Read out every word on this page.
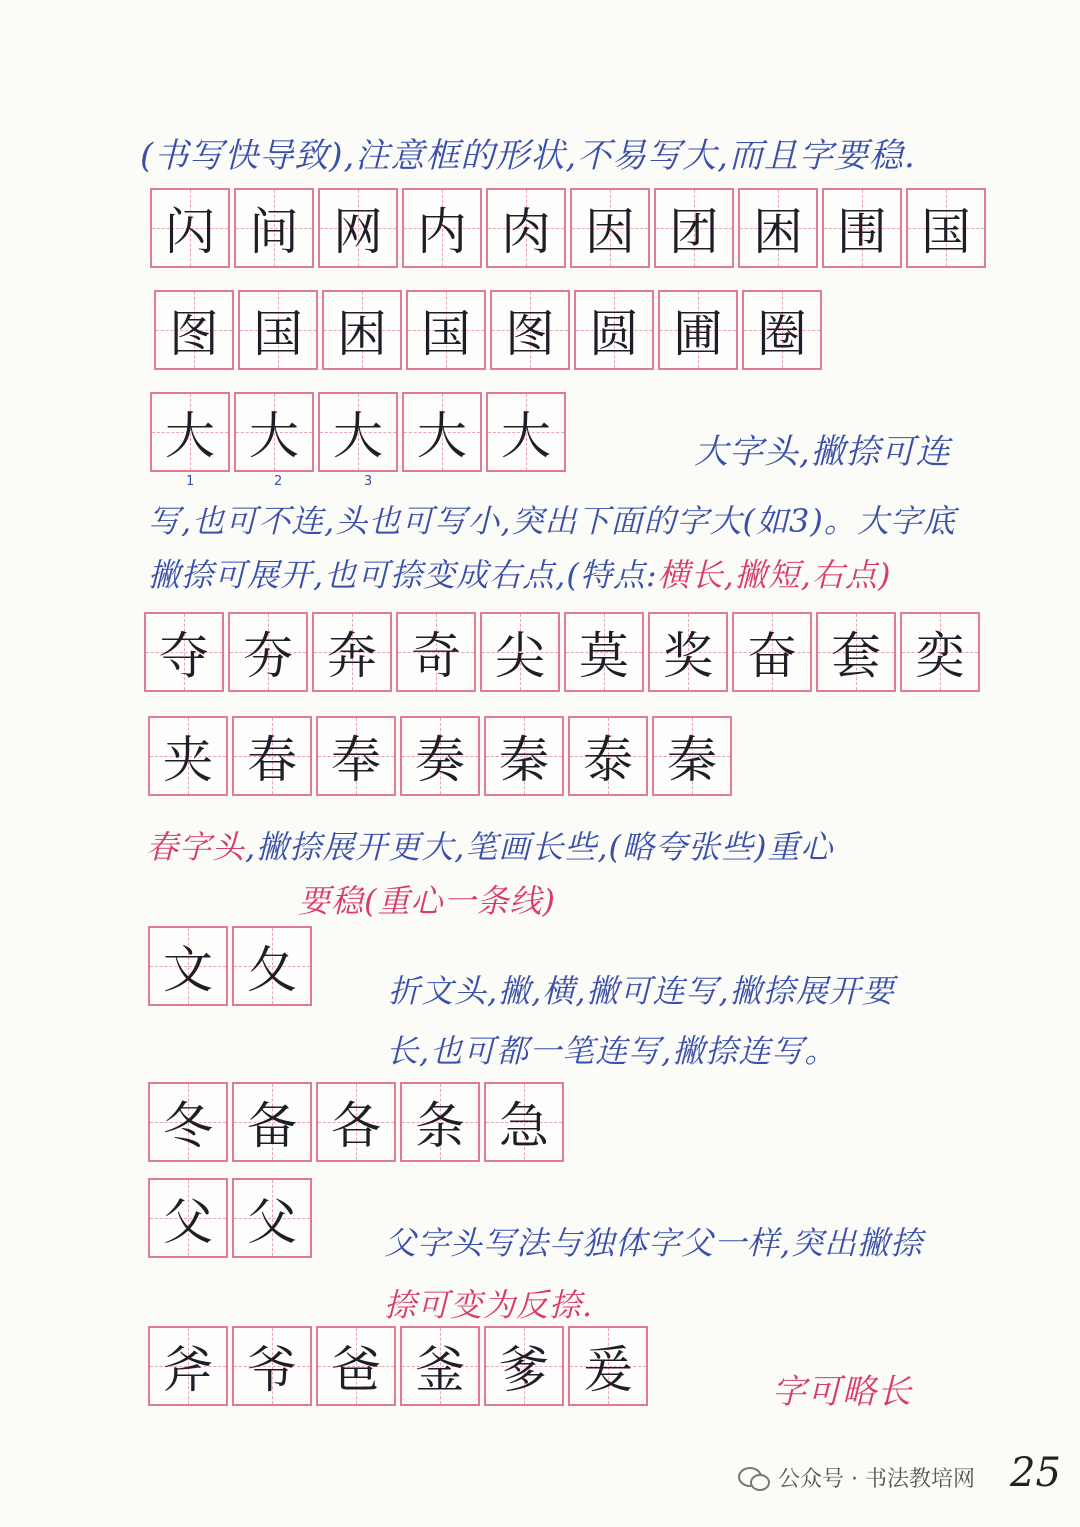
(书写快导致),注意框的形状,不易写大,而且字要稳.
闪 间 网 内 肉 因 团 困 围 国
图 国 困 国 图 圆 圃 圈
大 大 大 大 大
1	2	3
大字头,撇捺可连
写,也可不连,头也可写小,突出下面的字大(如3)。大字底
撇捺可展开,也可捺变成右点,(特点:横长,撇短,右点)
夺 夯 奔 奇 尖 莫 奖 奋 套 奕
夹 春 奉 奏 秦 泰 秦
春字头,撇捺展开更大,笔画长些,(略夸张些)重心
要稳(重心一条线)
文 夂	折文头,撇,横,撇可连写,撇捺展开要
长,也可都一笔连写,撇捺连写。
冬 备 各 条 急
父 父	父字头写法与独体字父一样,突出撇捺
捺可变为反捺.
斧 爷 爸 釜 爹 爰	字可略长
公众号 · 书法教培网 25
